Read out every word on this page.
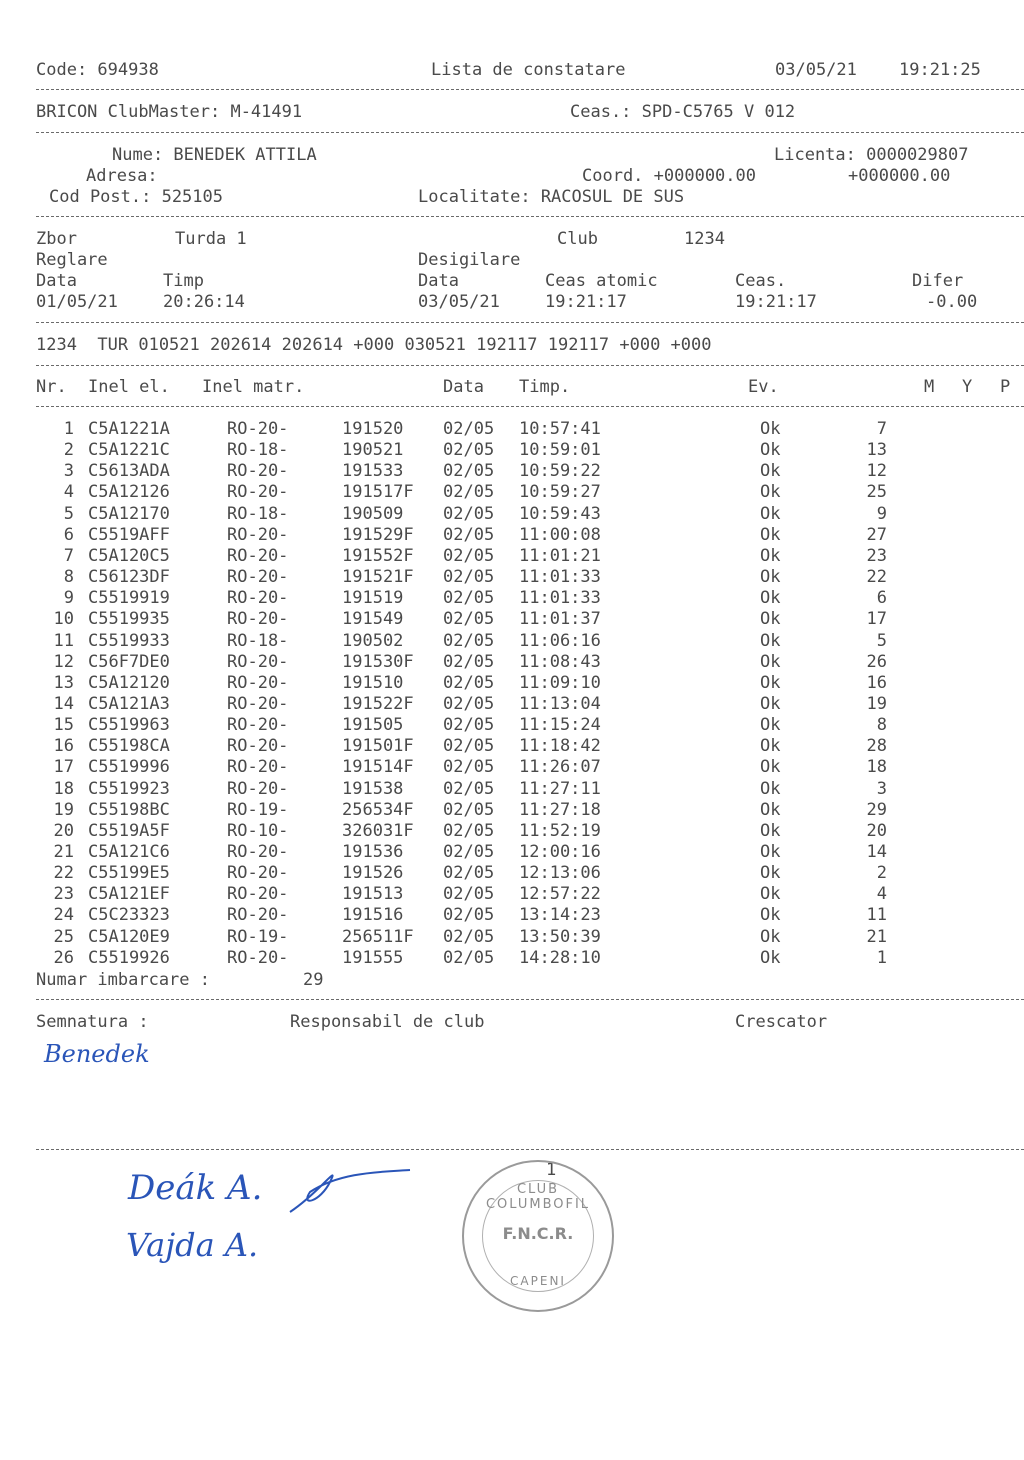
Code: 694938	Lista de constatare	03/05/21 19:21:25
BRICON ClubMaster: M-41491	Ceas.: SPD-C5765 V 012
Nume: BENEDEK ATTILA	Licenta: 0000029807
Adresa:	Coord. +000000.00	+000000.00
Cod Post.: 525105	Localitate: RACOSUL DE SUS
Zbor	Turda 1	Club	1234
Reglare	Desigilare
Data	Timp	Data	Ceas atomic	Ceas.	Difer
01/05/21	20:26:14	03/05/21	19:21:17	19:21:17	-0.00
1234  TUR 010521 202614 202614 +000 030521 192117 192117 +000 +000
Nr. Inel el. Inel matr.	Data Timp.	Ev.	M Y P
1 C5A1221A	RO-20-	191520 02/05 10:57:41	Ok	7
2 C5A1221C	RO-18-	190521 02/05 10:59:01	Ok	13
3 C5613ADA	RO-20-	191533 02/05 10:59:22	Ok	12
4 C5A12126	RO-20-	191517F 02/05 10:59:27	Ok	25
5 C5A12170	RO-18-	190509 02/05 10:59:43	Ok	9
6 C5519AFF	RO-20-	191529F 02/05 11:00:08	Ok	27
7 C5A120C5	RO-20-	191552F 02/05 11:01:21	Ok	23
8 C56123DF	RO-20-	191521F 02/05 11:01:33	Ok	22
9 C5519919	RO-20-	191519 02/05 11:01:33	Ok	6
10 C5519935	RO-20-	191549 02/05 11:01:37	Ok	17
11 C5519933	RO-18-	190502 02/05 11:06:16	Ok	5
12 C56F7DE0	RO-20-	191530F 02/05 11:08:43	Ok	26
13 C5A12120	RO-20-	191510 02/05 11:09:10	Ok	16
14 C5A121A3	RO-20-	191522F 02/05 11:13:04	Ok	19
15 C5519963	RO-20-	191505 02/05 11:15:24	Ok	8
16 C55198CA	RO-20-	191501F 02/05 11:18:42	Ok	28
17 C5519996	RO-20-	191514F 02/05 11:26:07	Ok	18
18 C5519923	RO-20-	191538 02/05 11:27:11	Ok	3
19 C55198BC	RO-19-	256534F 02/05 11:27:18	Ok	29
20 C5519A5F	RO-10-	326031F 02/05 11:52:19	Ok	20
21 C5A121C6	RO-20-	191536 02/05 12:00:16	Ok	14
22 C55199E5	RO-20-	191526 02/05 12:13:06	Ok	2
23 C5A121EF	RO-20-	191513 02/05 12:57:22	Ok	4
24 C5C23323	RO-20-	191516 02/05 13:14:23	Ok	11
25 C5A120E9	RO-19-	256511F 02/05 13:50:39	Ok	21
26 C5519926	RO-20-	191555 02/05 14:28:10	Ok	1
Numar imbarcare :	29
Semnatura :	Responsabil de club	Crescator
Benedek
1
Deák A.
Vajda A.
CLUB COLUMBOFIL
F.N.C.R.
CAPENI
